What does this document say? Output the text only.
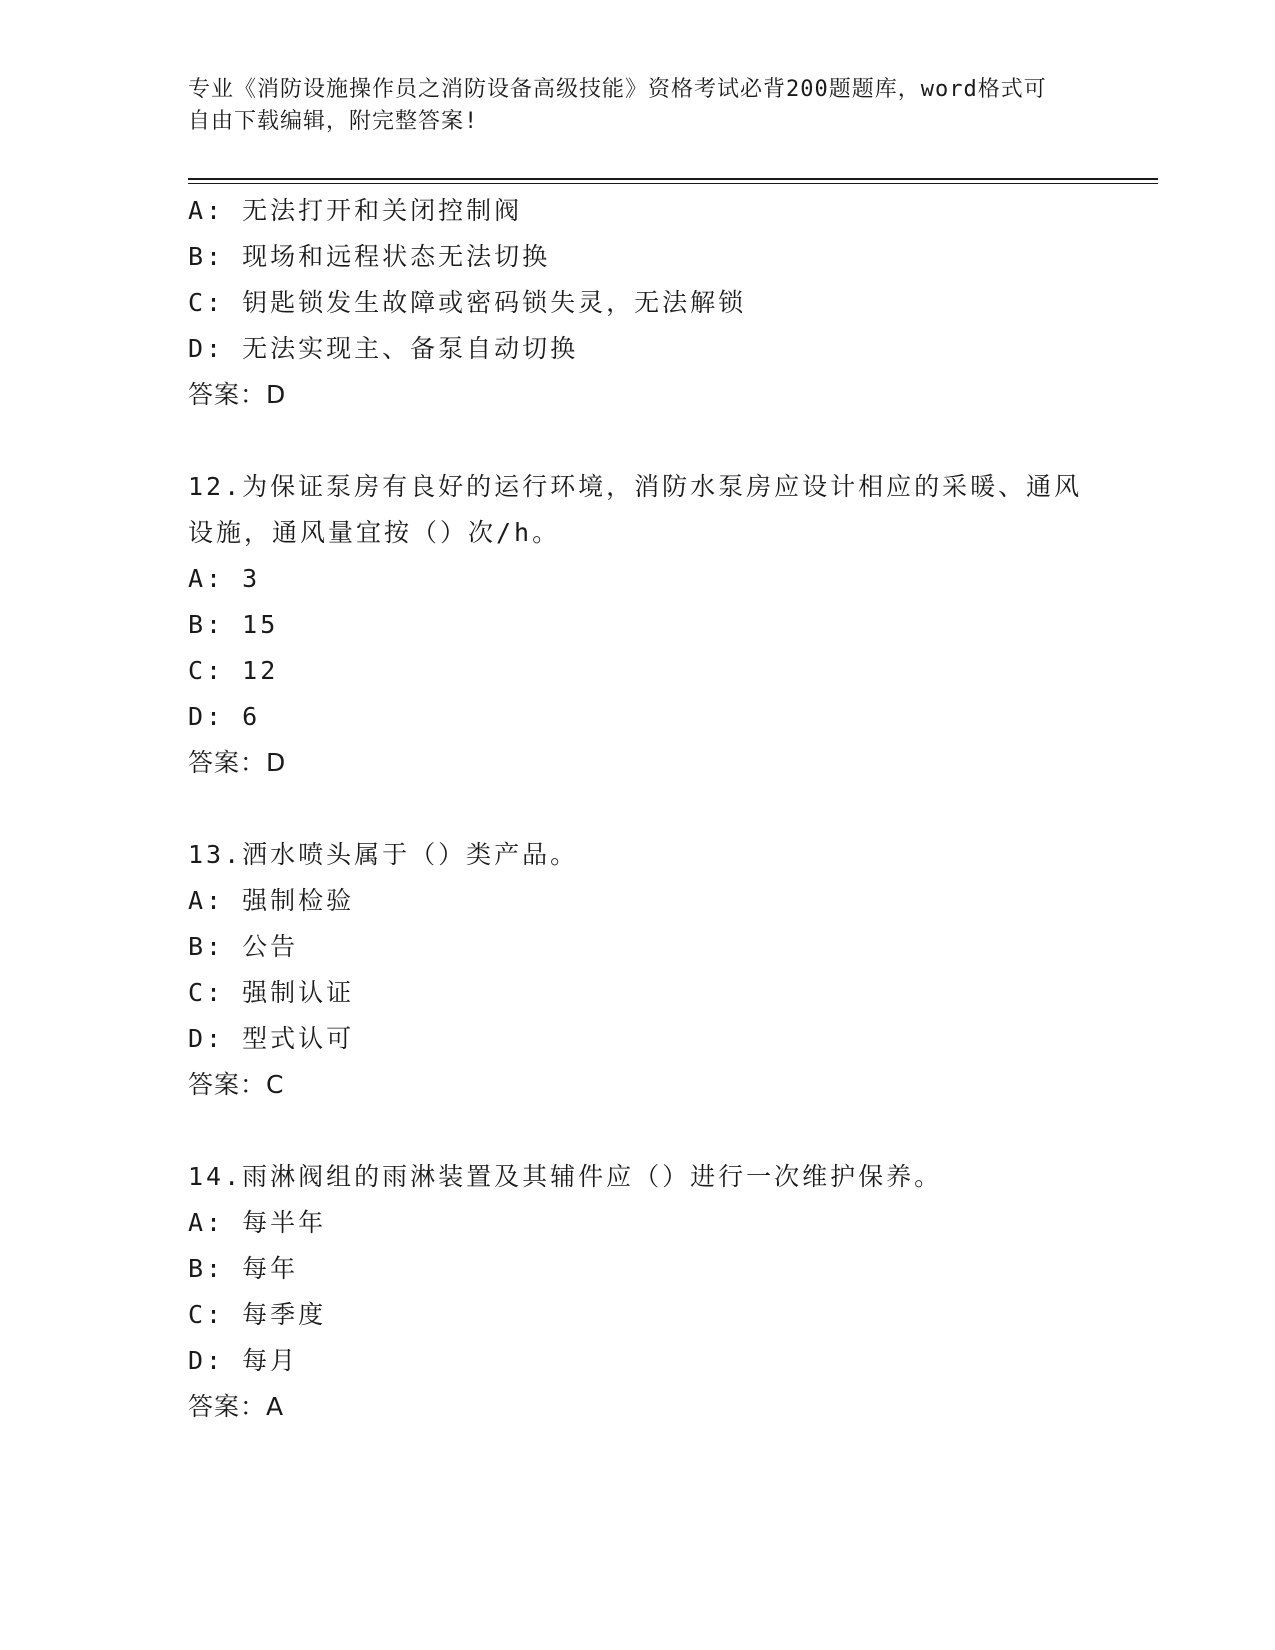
专业《消防设施操作员之消防设备高级技能》资格考试必背200题题库，word格式可自由下载编辑，附完整答案!
A: 无法打开和关闭控制阀
B: 现场和远程状态无法切换
C: 钥匙锁发生故障或密码锁失灵，无法解锁
D: 无法实现主、备泵自动切换
答案：D
12.为保证泵房有良好的运行环境，消防水泵房应设计相应的采暖、通风设施，通风量宜按（）次/h。
A: 3
B: 15
C: 12
D: 6
答案：D
13.洒水喷头属于（）类产品。
A: 强制检验
B: 公告
C: 强制认证
D: 型式认可
答案：C
14.雨淋阀组的雨淋装置及其辅件应（）进行一次维护保养。
A: 每半年
B: 每年
C: 每季度
D: 每月
答案：A
